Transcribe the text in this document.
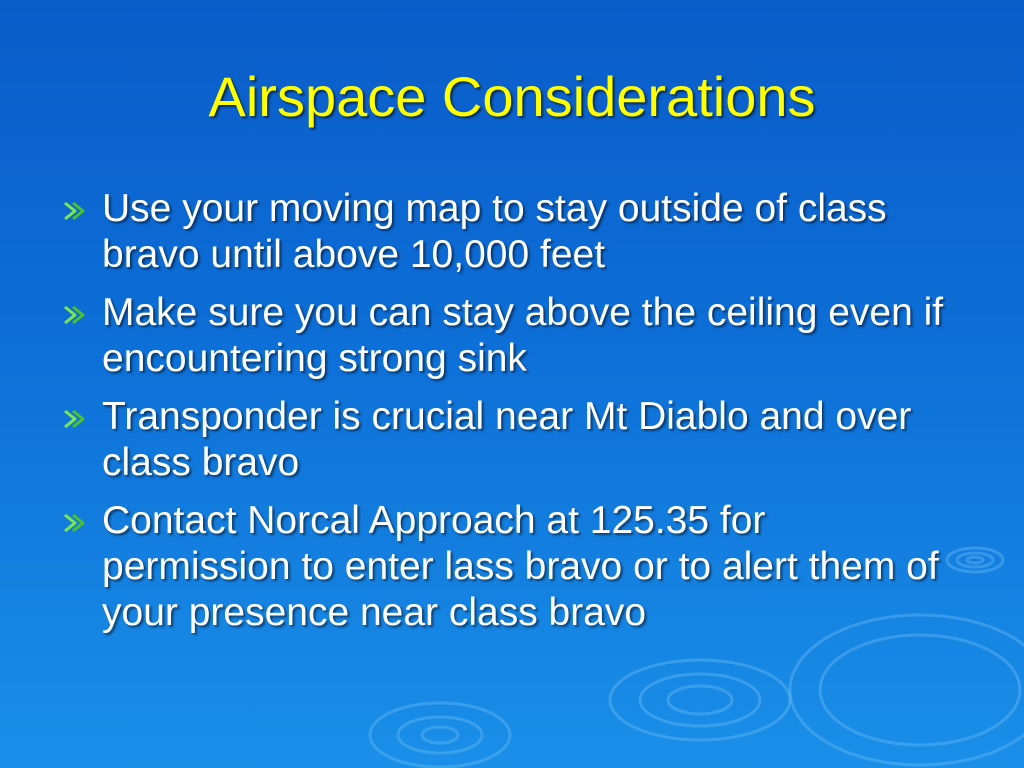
Airspace Considerations
Use your moving map to stay outside of class bravo until above 10,000 feet
Make sure you can stay above the ceiling even if encountering strong sink
Transponder is crucial near Mt Diablo and over class bravo
Contact Norcal Approach at 125.35 for permission to enter lass bravo or to alert them of your presence near class bravo
